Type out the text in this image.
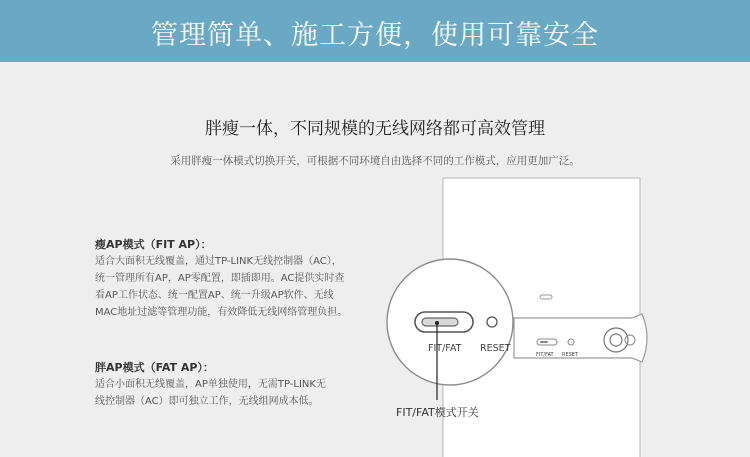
管理简单、施工方便，使用可靠安全
胖瘦一体，不同规模的无线网络都可高效管理
采用胖瘦一体模式切换开关，可根据不同环境自由选择不同的工作模式，应用更加广泛。
瘦AP模式（FIT AP）：
适合大面积无线覆盖，通过TP-LINK无线控制器（AC），
统一管理所有AP，AP零配置，即插即用。AC提供实时查
看AP工作状态、统一配置AP、统一升级AP软件、无线
MAC地址过滤等管理功能，有效降低无线网络管理负担。
胖AP模式（FAT AP）：
适合小面积无线覆盖，AP单独使用，无需TP-LINK无
线控制器（AC）即可独立工作，无线组网成本低。
FIT/FAT RESET
FIT/FAT RESET
FIT/FAT模式开关
